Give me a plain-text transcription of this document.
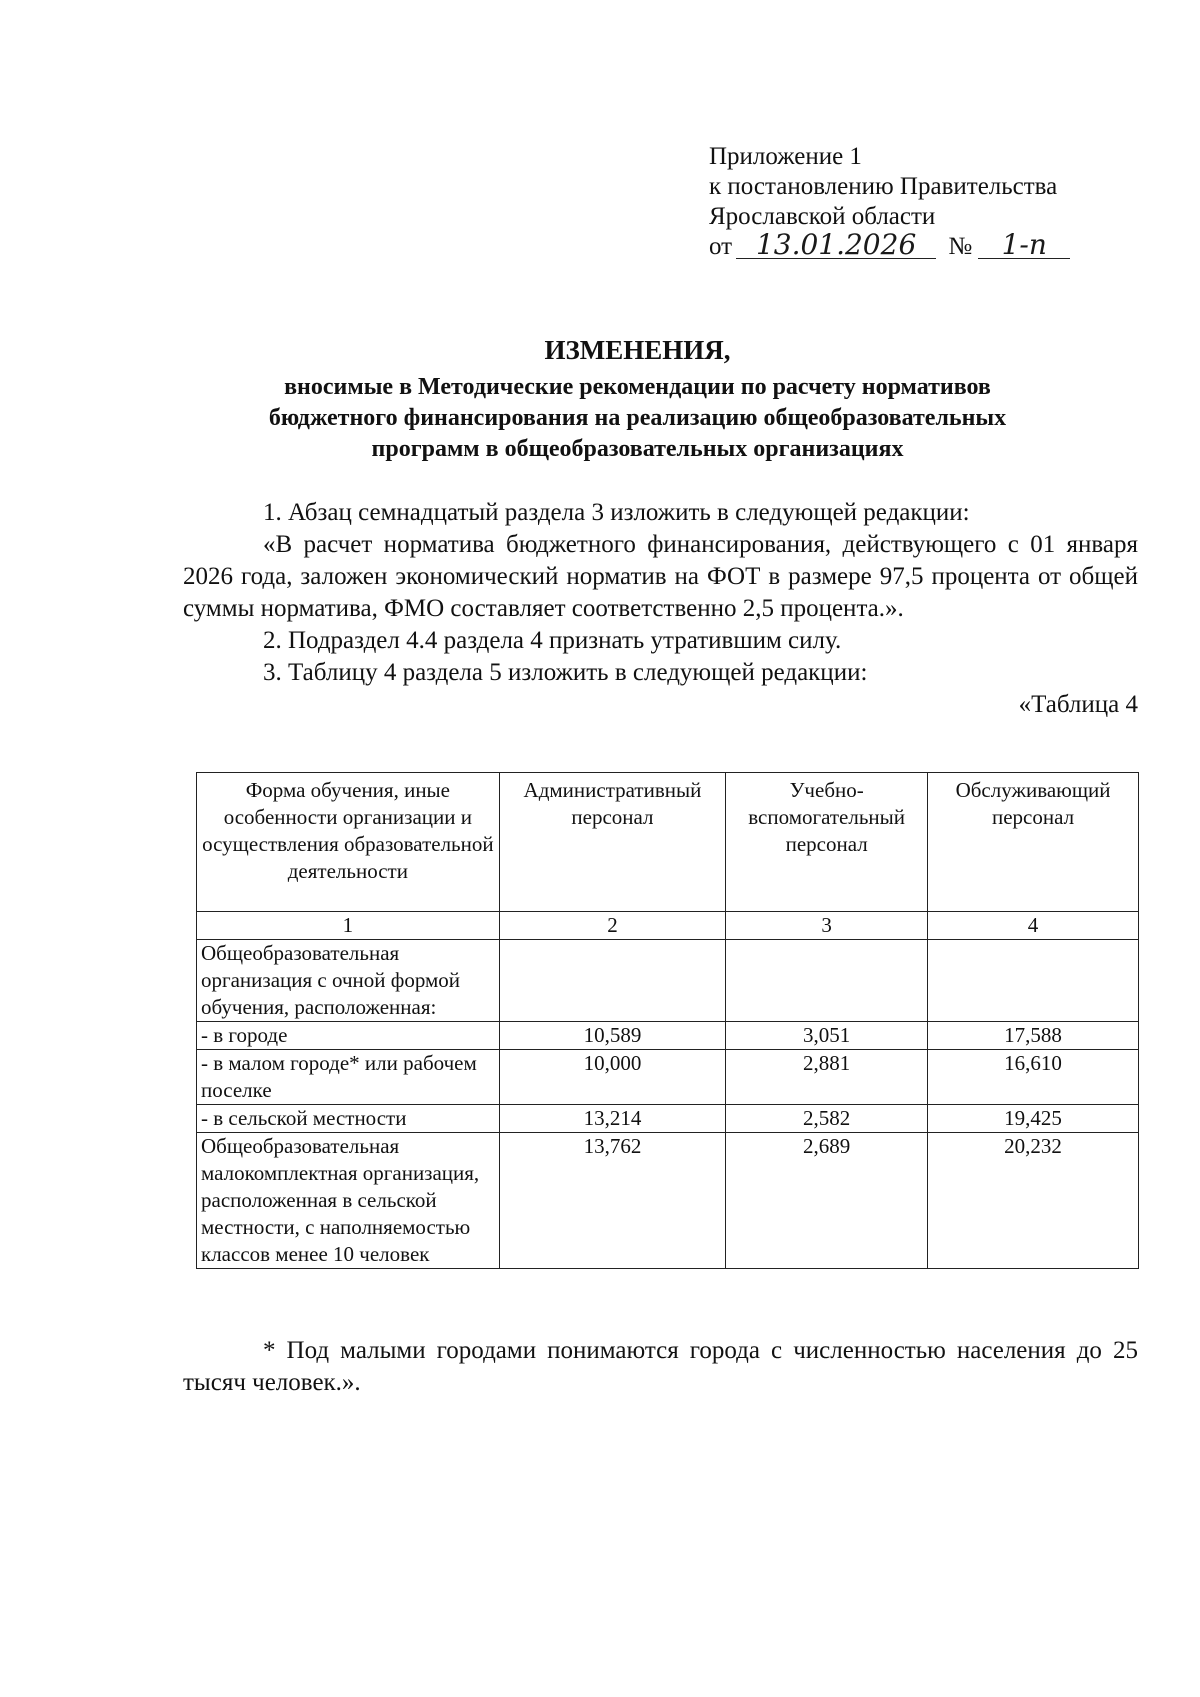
Приложение 1
к постановлению Правительства
Ярославской области
от 13.01.2026 № 1-п
ИЗМЕНЕНИЯ,
вносимые в Методические рекомендации по расчету нормативов
бюджетного финансирования на реализацию общеобразовательных
программ в общеобразовательных организациях

1. Абзац семнадцатый раздела 3 изложить в следующей редакции:

«В расчет норматива бюджетного финансирования, действующего с 01 января 2026 года, заложен экономический норматив на ФОТ в размере 97,5 процента от общей суммы норматива, ФМО составляет соответственно 2,5 процента.».

2. Подраздел 4.4 раздела 4 признать утратившим силу.

3. Таблицу 4 раздела 5 изложить в следующей редакции:

«Таблица 4

Форма обучения, иные особенности организации и осуществления образовательной деятельности	Административный персонал	Учебно-вспомогательный персонал	Обслуживающий персонал
1	2	3	4
Общеобразовательная организация с очной формой обучения, расположенная:			
- в городе	10,589	3,051	17,588
- в малом городе* или рабочем поселке	10,000	2,881	16,610
- в сельской местности	13,214	2,582	19,425
Общеобразовательная малокомплектная организация, расположенная в сельской местности, с наполняемостью классов менее 10 человек	13,762	2,689	20,232

* Под малыми городами понимаются города с численностью населения до 25 тысяч человек.».
